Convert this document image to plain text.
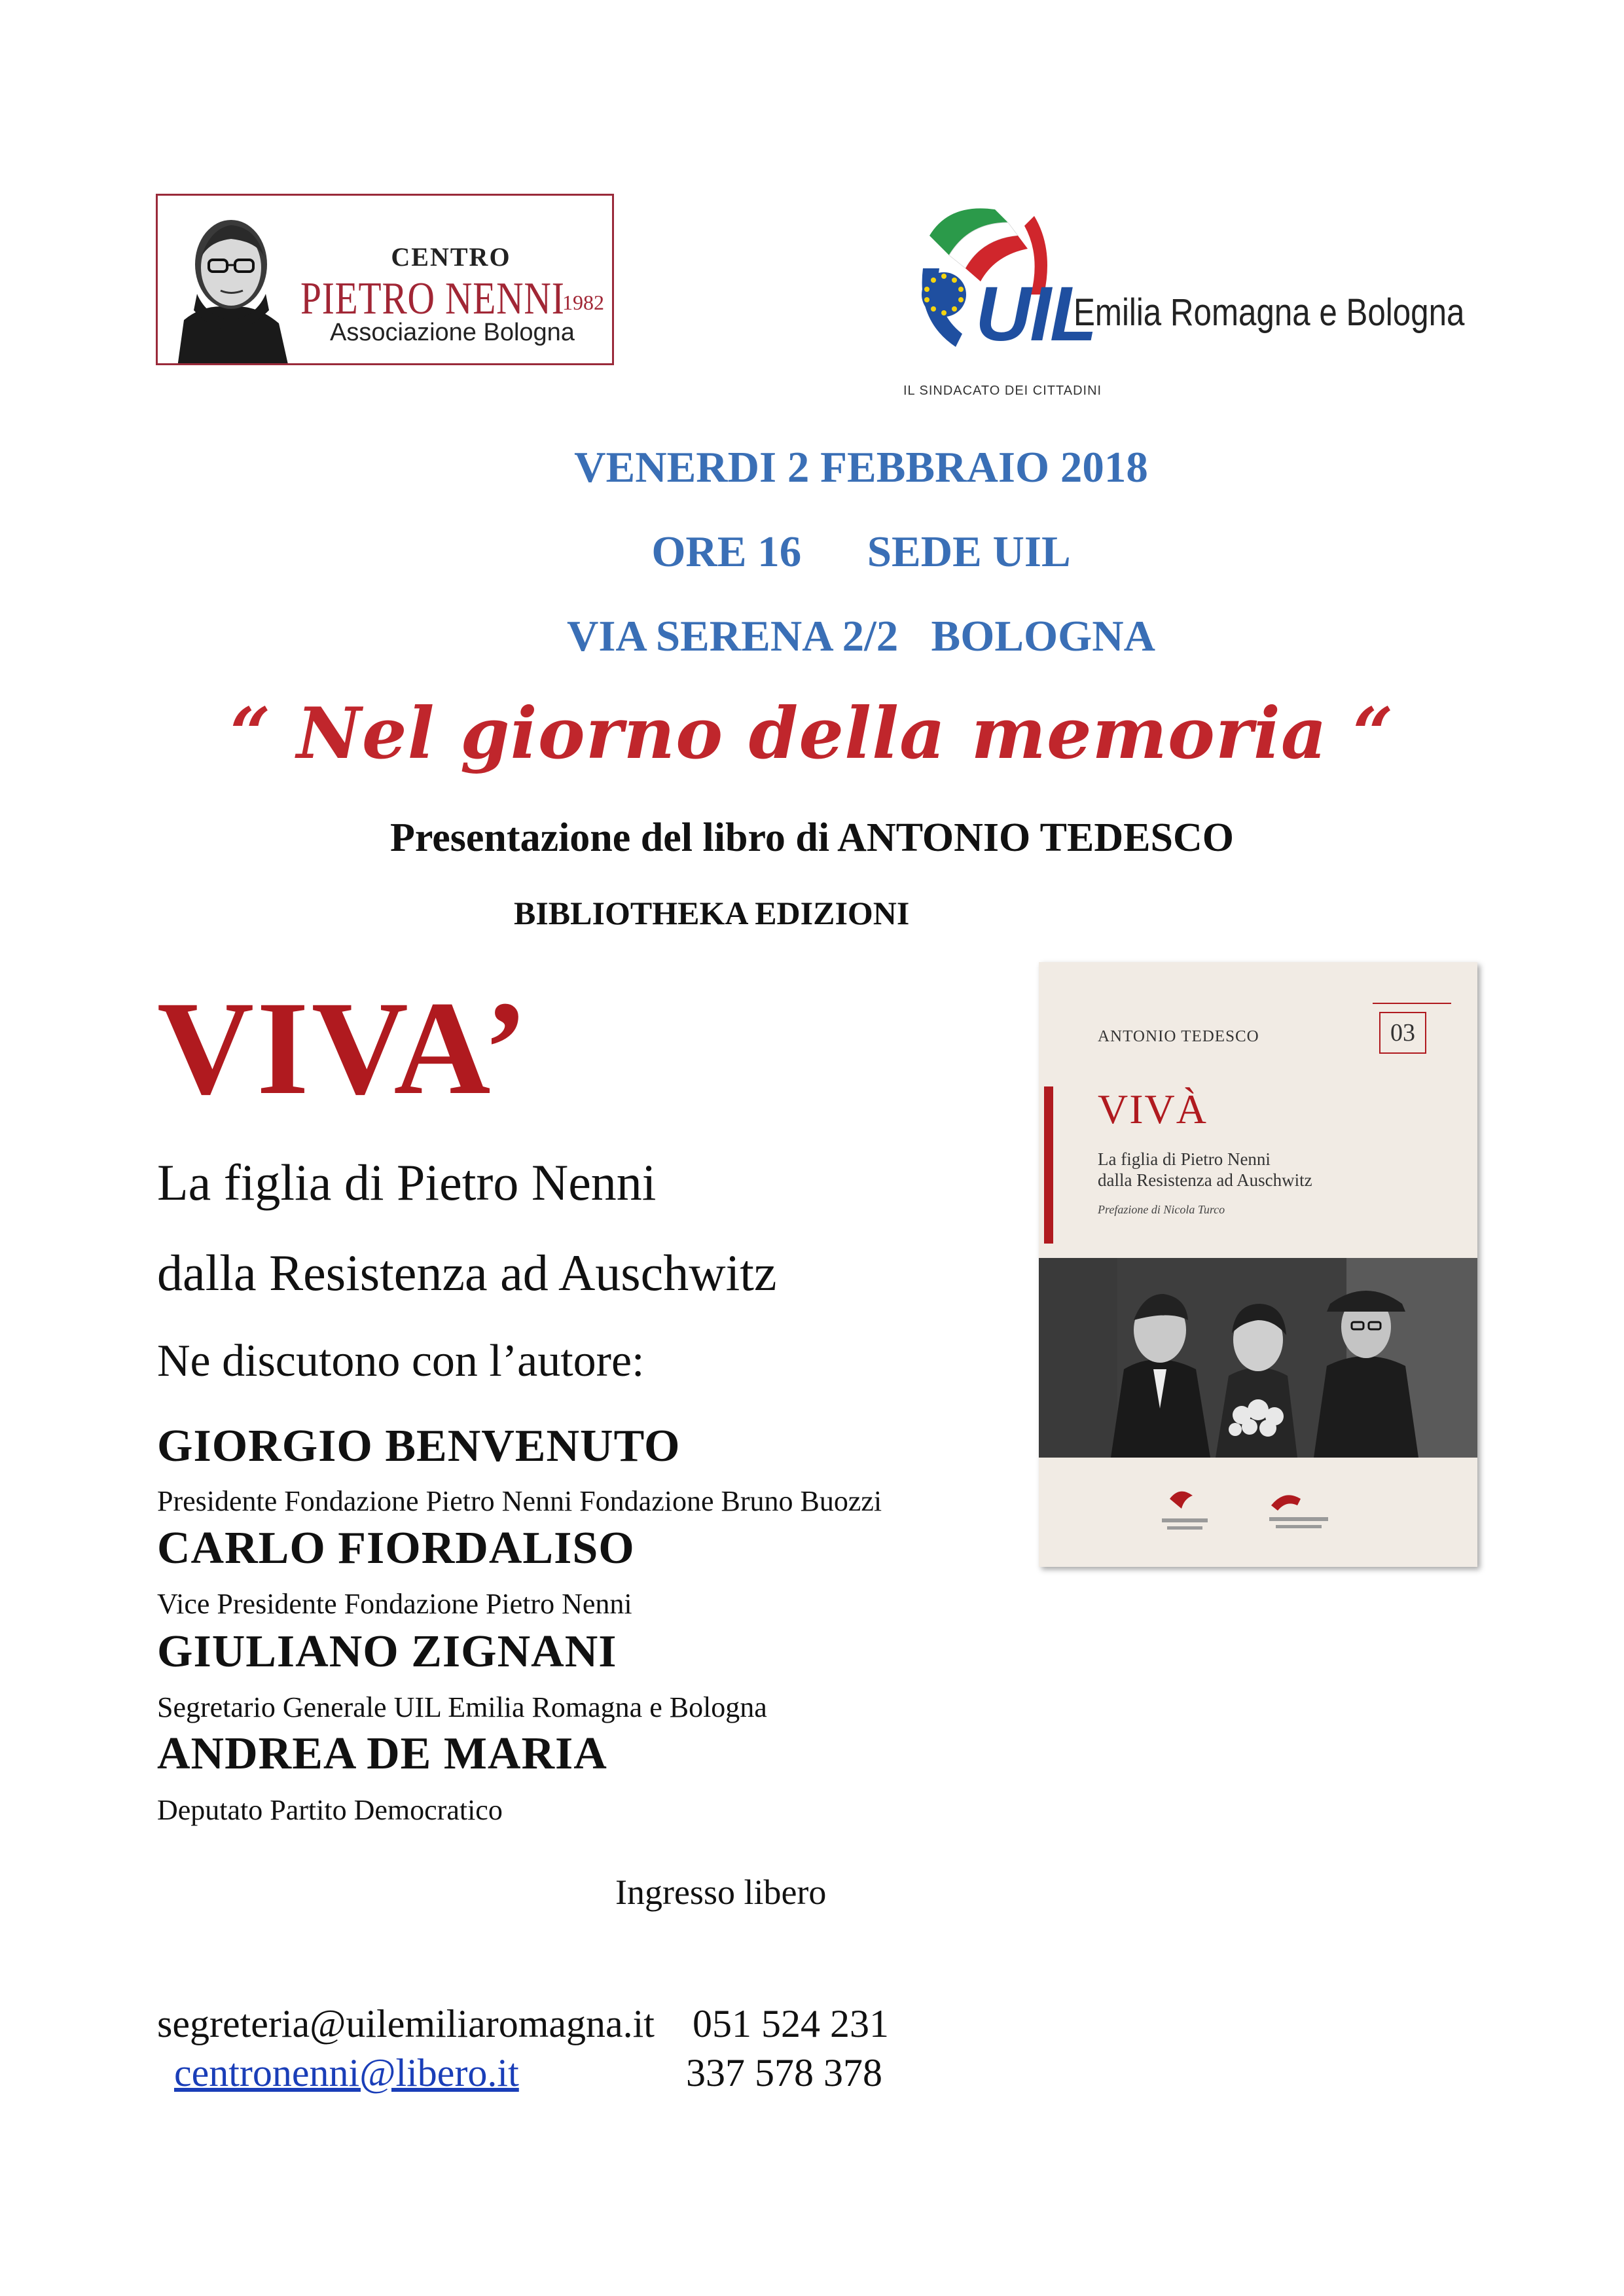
CENTRO
PIETRO NENNI
1982
Associazione Bologna	UIL
Emilia Romagna e Bologna
IL SINDACATO DEI CITTADINI
VENERDI 2 FEBBRAIO 2018
ORE 16      SEDE UIL
VIA SERENA 2/2   BOLOGNA
“ Nel giorno della memoria “
Presentazione del libro di ANTONIO TEDESCO
BIBLIOTHEKA EDIZIONI
VIVA’
La figlia di Pietro Nenni
dalla Resistenza ad Auschwitz
Ne discutono con l’autore:
GIORGIO BENVENUTO
Presidente Fondazione Pietro Nenni Fondazione Bruno Buozzi
CARLO FIORDALISO
Vice Presidente Fondazione Pietro Nenni
GIULIANO ZIGNANI
Segretario Generale UIL Emilia Romagna e Bologna
ANDREA DE MARIA
Deputato Partito Democratico
Ingresso libero
segreteria@uilemiliaromagna.it 051 524 231
centronenni@libero.it	337 578 378
ANTONIO TEDESCO	03
VIVÀ
La figlia di Pietro Nenni
dalla Resistenza ad Auschwitz
Prefazione di Nicola Turco
